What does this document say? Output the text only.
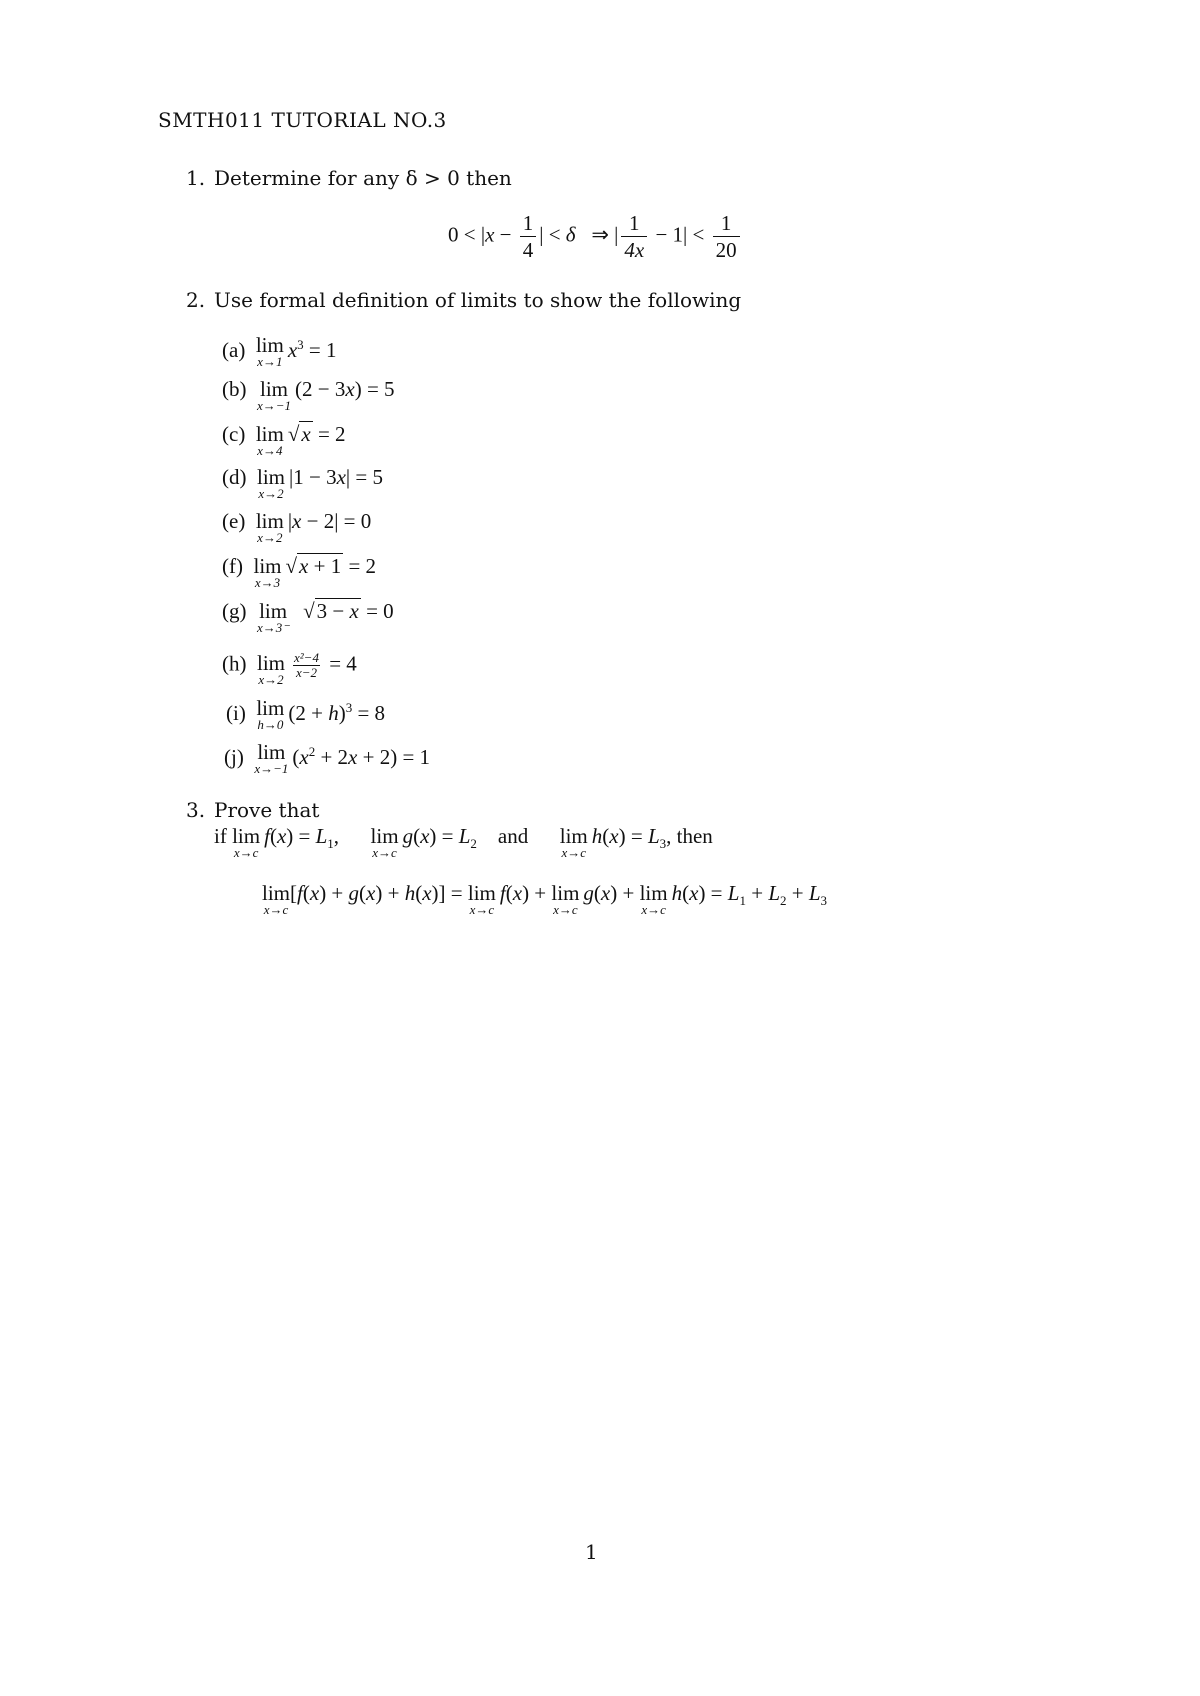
SMTH011 TUTORIAL NO.3
1. Determine for any δ > 0 then
$0 < |x - \frac{1}{4}$ | < δ   ⇒ | $\frac{1}{4x} - 1| < \frac{1}{20}$
2. Use formal definition of limits to show the following
(a) lim
x→1 $x^3 = 1$
(b) lim
x→−1
(2 − 3x) = 5
(c) lim
x→4
√x = 2
(d) lim
x→2
|1 − 3x| = 5
(e) lim
x→2
|x − 2| = 0
(f) lim
x→3
√x + 1 = 2
(g) lim
x→3⁻
√3 − x = 0
(h) lim
$x\to 2 \frac{\text{x²−4}}{x-2} = 4$
(i) lim
h→0 $(2 + h)^3 = 8$
(j) lim
x→−1 $(x^2 + 2x + 2) = 1$
3. Prove that
if lim
x→c
$f(x) = L_1$, lim
x→c
$g(x) = L_2$ and lim
x→c
$h(x) = L_3$, then
lim
x→c
[f(x) + g(x) + h(x)] = lim
x→c
f(x) + lim
x→c
g(x) + lim
x→c
$h(x) = L_1 + L_2 + L_3$
1
